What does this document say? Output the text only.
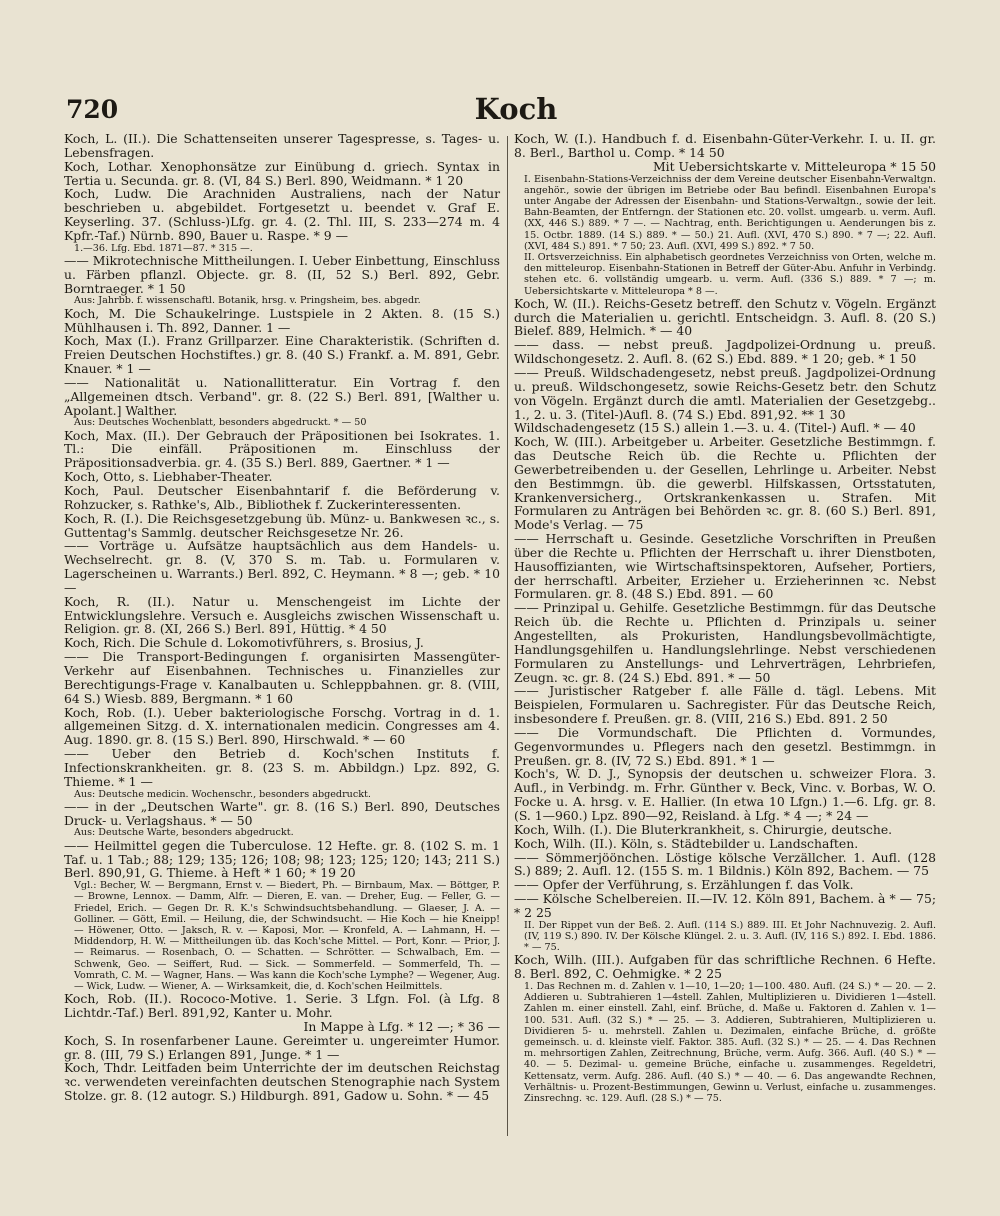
720	Koch

Koch, L. (II.). Die Schattenseiten unserer Tagespresse, s. Tages- u. Lebensfragen.

Koch, Lothar. Xenophonsätze zur Einübung d. griech. Syntax in Tertia u. Secunda. gr. 8. (VI, 84 S.) Berl. 890, Weidmann. * 1 20

Koch, Ludw. Die Arachniden Australiens, nach der Natur beschrieben u. abgebildet. Fortgesetzt u. beendet v. Graf E. Keyserling. 37. (Schluss-)Lfg. gr. 4. (2. Thl. III, S. 233—274 m. 4 Kpfr.-Taf.) Nürnb. 890, Bauer u. Raspe. * 9 —

1.—36. Lfg. Ebd. 1871—87. * 315 —.

—— Mikrotechnische Mittheilungen. I. Ueber Einbettung, Einschluss u. Färben pflanzl. Objecte. gr. 8. (II, 52 S.) Berl. 892, Gebr. Borntraeger. * 1 50

Aus: Jahrbb. f. wissenschaftl. Botanik, hrsg. v. Pringsheim, bes. abgedr.

Koch, M. Die Schaukelringe. Lustspiele in 2 Akten. 8. (15 S.) Mühlhausen i. Th. 892, Danner. 1 —

Koch, Max (I.). Franz Grillparzer. Eine Charakteristik. (Schriften d. Freien Deutschen Hochstiftes.) gr. 8. (40 S.) Frankf. a. M. 891, Gebr. Knauer. * 1 —

—— Nationalität u. Nationallitteratur. Ein Vortrag f. den „Allgemeinen dtsch. Verband". gr. 8. (22 S.) Berl. 891, [Walther u. Apolant.] Walther.

Aus: Deutsches Wochenblatt, besonders abgedruckt. * — 50

Koch, Max. (II.). Der Gebrauch der Präpositionen bei Isokrates. 1. Tl.: Die einfäll. Präpositionen m. Einschluss der Präpositionsadverbia. gr. 4. (35 S.) Berl. 889, Gaertner. * 1 —

Koch, Otto, s. Liebhaber-Theater.

Koch, Paul. Deutscher Eisenbahntarif f. die Beförderung v. Rohzucker, s. Rathke's, Alb., Bibliothek f. Zuckerinteressenten.

Koch, R. (I.). Die Reichsgesetzgebung üb. Münz- u. Bankwesen ꝛc., s. Guttentag's Sammlg. deutscher Reichsgesetze Nr. 26.

—— Vorträge u. Aufsätze hauptsächlich aus dem Handels- u. Wechselrecht. gr. 8. (V, 370 S. m. Tab. u. Formularen v. Lagerscheinen u. Warrants.) Berl. 892, C. Heymann. * 8 —; geb. * 10 —

Koch, R. (II.). Natur u. Menschengeist im Lichte der Entwicklungslehre. Versuch e. Ausgleichs zwischen Wissenschaft u. Religion. gr. 8. (XI, 266 S.) Berl. 891, Hüttig. * 4 50

Koch, Rich. Die Schule d. Lokomotivführers, s. Brosius, J.

—— Die Transport-Bedingungen f. organisirten Massengüter-Verkehr auf Eisenbahnen. Technisches u. Finanzielles zur Berechtigungs-Frage v. Kanalbauten u. Schleppbahnen. gr. 8. (VIII, 64 S.) Wiesb. 889, Bergmann. * 1 60

Koch, Rob. (I.). Ueber bakteriologische Forschg. Vortrag in d. 1. allgemeinen Sitzg. d. X. internationalen medicin. Congresses am 4. Aug. 1890. gr. 8. (15 S.) Berl. 890, Hirschwald. * — 60

—— Ueber den Betrieb d. Koch'schen Instituts f. Infectionskrankheiten. gr. 8. (23 S. m. Abbildgn.) Lpz. 892, G. Thieme. * 1 —

Aus: Deutsche medicin. Wochenschr., besonders abgedruckt.

—— in der „Deutschen Warte". gr. 8. (16 S.) Berl. 890, Deutsches Druck- u. Verlagshaus. * — 50

Aus: Deutsche Warte, besonders abgedruckt.

—— Heilmittel gegen die Tuberculose. 12 Hefte. gr. 8. (102 S. m. 1 Taf. u. 1 Tab.; 88; 129; 135; 126; 108; 98; 123; 125; 120; 143; 211 S.) Berl. 890,91, G. Thieme. à Heft * 1 60; * 19 20

Vgl.: Becher, W. — Bergmann, Ernst v. — Biedert, Ph. — Birnbaum, Max. — Böttger, P. — Browne, Lennox. — Damm, Alfr. — Dieren, E. van. — Dreher, Eug. — Feller, G. — Friedel, Erich. — Gegen Dr. R. K.'s Schwindsuchtsbehandlung. — Glaeser, J. A. — Golliner. — Gött, Emil. — Heilung, die, der Schwindsucht. — Hie Koch — hie Kneipp! — Höwener, Otto. — Jaksch, R. v. — Kaposi, Mor. — Kronfeld, A. — Lahmann, H. — Middendorp, H. W. — Mittheilungen üb. das Koch'sche Mittel. — Port, Konr. — Prior, J. — Reimarus. — Rosenbach, O. — Schatten. — Schrötter. — Schwalbach, Em. — Schwenk, Geo. — Seiffert, Rud. — Sick. — Sommerfeld. — Sommerfeld, Th. — Vomrath, C. M. — Wagner, Hans. — Was kann die Koch'sche Lymphe? — Wegener, Aug. — Wick, Ludw. — Wiener, A. — Wirksamkeit, die, d. Koch'schen Heilmittels.

Koch, Rob. (II.). Rococo-Motive. 1. Serie. 3 Lfgn. Fol. (à Lfg. 8 Lichtdr.-Taf.) Berl. 891,92, Kanter u. Mohr.

In Mappe à Lfg. * 12 —; * 36 —

Koch, S. In rosenfarbener Laune. Gereimter u. ungereimter Humor. gr. 8. (III, 79 S.) Erlangen 891, Junge. * 1 —

Koch, Thdr. Leitfaden beim Unterrichte der im deutschen Reichstag ꝛc. verwendeten vereinfachten deutschen Stenographie nach System Stolze. gr. 8. (12 autogr. S.) Hildburgh. 891, Gadow u. Sohn. * — 45

Koch, W. (I.). Handbuch f. d. Eisenbahn-Güter-Verkehr. I. u. II. gr. 8. Berl., Barthol u. Comp. * 14 50

Mit Uebersichtskarte v. Mitteleuropa * 15 50

I. Eisenbahn-Stations-Verzeichniss der dem Vereine deutscher Eisenbahn-Verwaltgn. angehör., sowie der übrigen im Betriebe oder Bau befindl. Eisenbahnen Europa's unter Angabe der Adressen der Eisenbahn- und Stations-Verwaltgn., sowie der leit. Bahn-Beamten, der Entferngn. der Stationen etc. 20. vollst. umgearb. u. verm. Aufl. (XX, 446 S.) 889. * 7 —. — Nachtrag, enth. Berichtigungen u. Aenderungen bis z. 15. Octbr. 1889. (14 S.) 889. * — 50.) 21. Aufl. (XVI, 470 S.) 890. * 7 —; 22. Aufl. (XVI, 484 S.) 891. * 7 50; 23. Aufl. (XVI, 499 S.) 892. * 7 50.

II. Ortsverzeichniss. Ein alphabetisch geordnetes Verzeichniss von Orten, welche m. den mitteleurop. Eisenbahn-Stationen in Betreff der Güter-Abu. Anfuhr in Verbindg. stehen etc. 6. vollständig umgearb. u. verm. Aufl. (336 S.) 889. * 7 —; m. Uebersichtskarte v. Mitteleuropa * 8 —.

Koch, W. (II.). Reichs-Gesetz betreff. den Schutz v. Vögeln. Ergänzt durch die Materialien u. gerichtl. Entscheidgn. 3. Aufl. 8. (20 S.) Bielef. 889, Helmich. * — 40

—— dass. — nebst preuß. Jagdpolizei-Ordnung u. preuß. Wildschongesetz. 2. Aufl. 8. (62 S.) Ebd. 889. * 1 20; geb. * 1 50

—— Preuß. Wildschadengesetz, nebst preuß. Jagdpolizei-Ordnung u. preuß. Wildschongesetz, sowie Reichs-Gesetz betr. den Schutz von Vögeln. Ergänzt durch die amtl. Materialien der Gesetzgebg.. 1., 2. u. 3. (Titel-)Aufl. 8. (74 S.) Ebd. 891,92. ** 1 30

Wildschadengesetz (15 S.) allein 1.—3. u. 4. (Titel-) Aufl. * — 40

Koch, W. (III.). Arbeitgeber u. Arbeiter. Gesetzliche Bestimmgn. f. das Deutsche Reich üb. die Rechte u. Pflichten der Gewerbetreibenden u. der Gesellen, Lehrlinge u. Arbeiter. Nebst den Bestimmgn. üb. die gewerbl. Hilfskassen, Ortsstatuten, Krankenversicherg., Ortskrankenkassen u. Strafen. Mit Formularen zu Anträgen bei Behörden ꝛc. gr. 8. (60 S.) Berl. 891, Mode's Verlag. — 75

—— Herrschaft u. Gesinde. Gesetzliche Vorschriften in Preußen über die Rechte u. Pflichten der Herrschaft u. ihrer Dienstboten, Hausoffizianten, wie Wirtschaftsinspektoren, Aufseher, Portiers, der herrschaftl. Arbeiter, Erzieher u. Erzieherinnen ꝛc. Nebst Formularen. gr. 8. (48 S.) Ebd. 891. — 60

—— Prinzipal u. Gehilfe. Gesetzliche Bestimmgn. für das Deutsche Reich üb. die Rechte u. Pflichten d. Prinzipals u. seiner Angestellten, als Prokuristen, Handlungsbevollmächtigte, Handlungsgehilfen u. Handlungslehrlinge. Nebst verschiedenen Formularen zu Anstellungs- und Lehrverträgen, Lehrbriefen, Zeugn. ꝛc. gr. 8. (24 S.) Ebd. 891. * — 50

—— Juristischer Ratgeber f. alle Fälle d. tägl. Lebens. Mit Beispielen, Formularen u. Sachregister. Für das Deutsche Reich, insbesondere f. Preußen. gr. 8. (VIII, 216 S.) Ebd. 891. 2 50

—— Die Vormundschaft. Die Pflichten d. Vormundes, Gegenvormundes u. Pflegers nach den gesetzl. Bestimmgn. in Preußen. gr. 8. (IV, 72 S.) Ebd. 891. * 1 —

Koch's, W. D. J., Synopsis der deutschen u. schweizer Flora. 3. Aufl., in Verbindg. m. Frhr. Günther v. Beck, Vinc. v. Borbas, W. O. Focke u. A. hrsg. v. E. Hallier. (In etwa 10 Lfgn.) 1.—6. Lfg. gr. 8. (S. 1—960.) Lpz. 890—92, Reisland. à Lfg. * 4 —; * 24 —

Koch, Wilh. (I.). Die Bluterkrankheit, s. Chirurgie, deutsche.

Koch, Wilh. (II.). Köln, s. Städtebilder u. Landschaften.

—— Sömmerjöönchen. Löstige kölsche Verzällcher. 1. Aufl. (128 S.) 889; 2. Aufl. 12. (155 S. m. 1 Bildnis.) Köln 892, Bachem. — 75

—— Opfer der Verführung, s. Erzählungen f. das Volk.

—— Kölsche Schelbereien. II.—IV. 12. Köln 891, Bachem. à * — 75; * 2 25

II. Der Rippet vun der Beß. 2. Aufl. (114 S.) 889. III. Et Johr Nachnuvezig. 2. Aufl. (IV, 119 S.) 890. IV. Der Kölsche Klüngel. 2. u. 3. Aufl. (IV, 116 S.) 892. I. Ebd. 1886. * — 75.

Koch, Wilh. (III.). Aufgaben für das schriftliche Rechnen. 6 Hefte. 8. Berl. 892, C. Oehmigke. * 2 25

1. Das Rechnen m. d. Zahlen v. 1—10, 1—20; 1—100. 480. Aufl. (24 S.) * — 20. — 2. Addieren u. Subtrahieren 1—4stell. Zahlen, Multiplizieren u. Dividieren 1—4stell. Zahlen m. einer einstell. Zahl, einf. Brüche, d. Maße u. Faktoren d. Zahlen v. 1—100. 531. Aufl. (32 S.) * — 25. — 3. Addieren, Subtrahieren, Multiplizieren u. Dividieren 5- u. mehrstell. Zahlen u. Dezimalen, einfache Brüche, d. größte gemeinsch. u. d. kleinste vielf. Faktor. 385. Aufl. (32 S.) * — 25. — 4. Das Rechnen m. mehrsortigen Zahlen, Zeitrechnung, Brüche, verm. Aufg. 366. Aufl. (40 S.) * — 40. — 5. Dezimal- u. gemeine Brüche, einfache u. zusammenges. Regeldetri, Kettensatz, verm. Aufg. 286. Aufl. (40 S.) * — 40. — 6. Das angewandte Rechnen, Verhältnis- u. Prozent-Bestimmungen, Gewinn u. Verlust, einfache u. zusammenges. Zinsrechng. ꝛc. 129. Aufl. (28 S.) * — 75.
